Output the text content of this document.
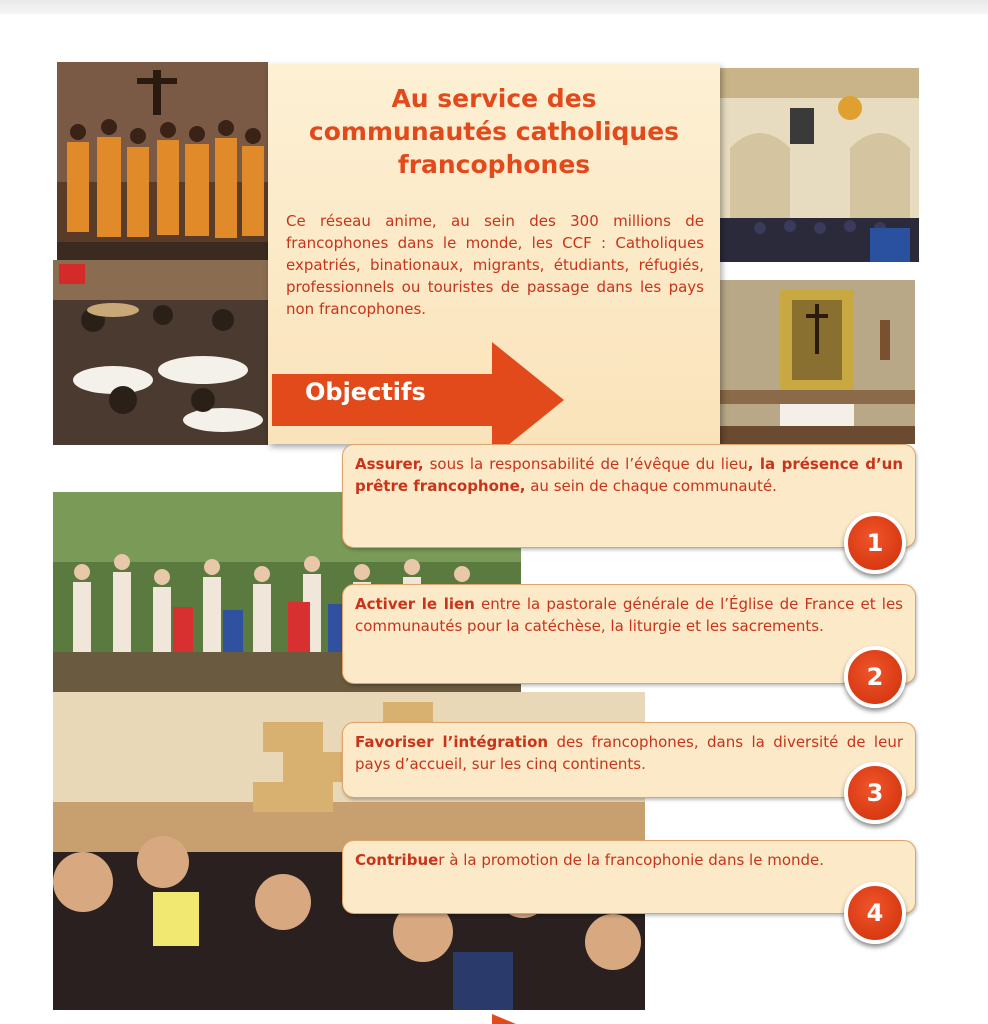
Au service des
communautés catholiques
francophones
Ce réseau anime, au sein des 300 millions de francophones dans le monde, les CCF : Catholiques expatriés, binationaux, migrants, étudiants, réfugiés, professionnels ou touristes de passage dans les pays non francophones.
Objectifs
Assurer, sous la responsabilité de l’évêque du lieu, la présence d’un prêtre francophone, au sein de chaque communauté.
1
Activer le lien entre la pastorale générale de l’Église de France et les communautés pour la catéchèse, la liturgie et les sacrements.
2
Favoriser l’intégration des francophones, dans la diversité de leur pays d’accueil, sur les cinq continents.
3
Contribuer à la promotion de la francophonie dans le monde.
4
